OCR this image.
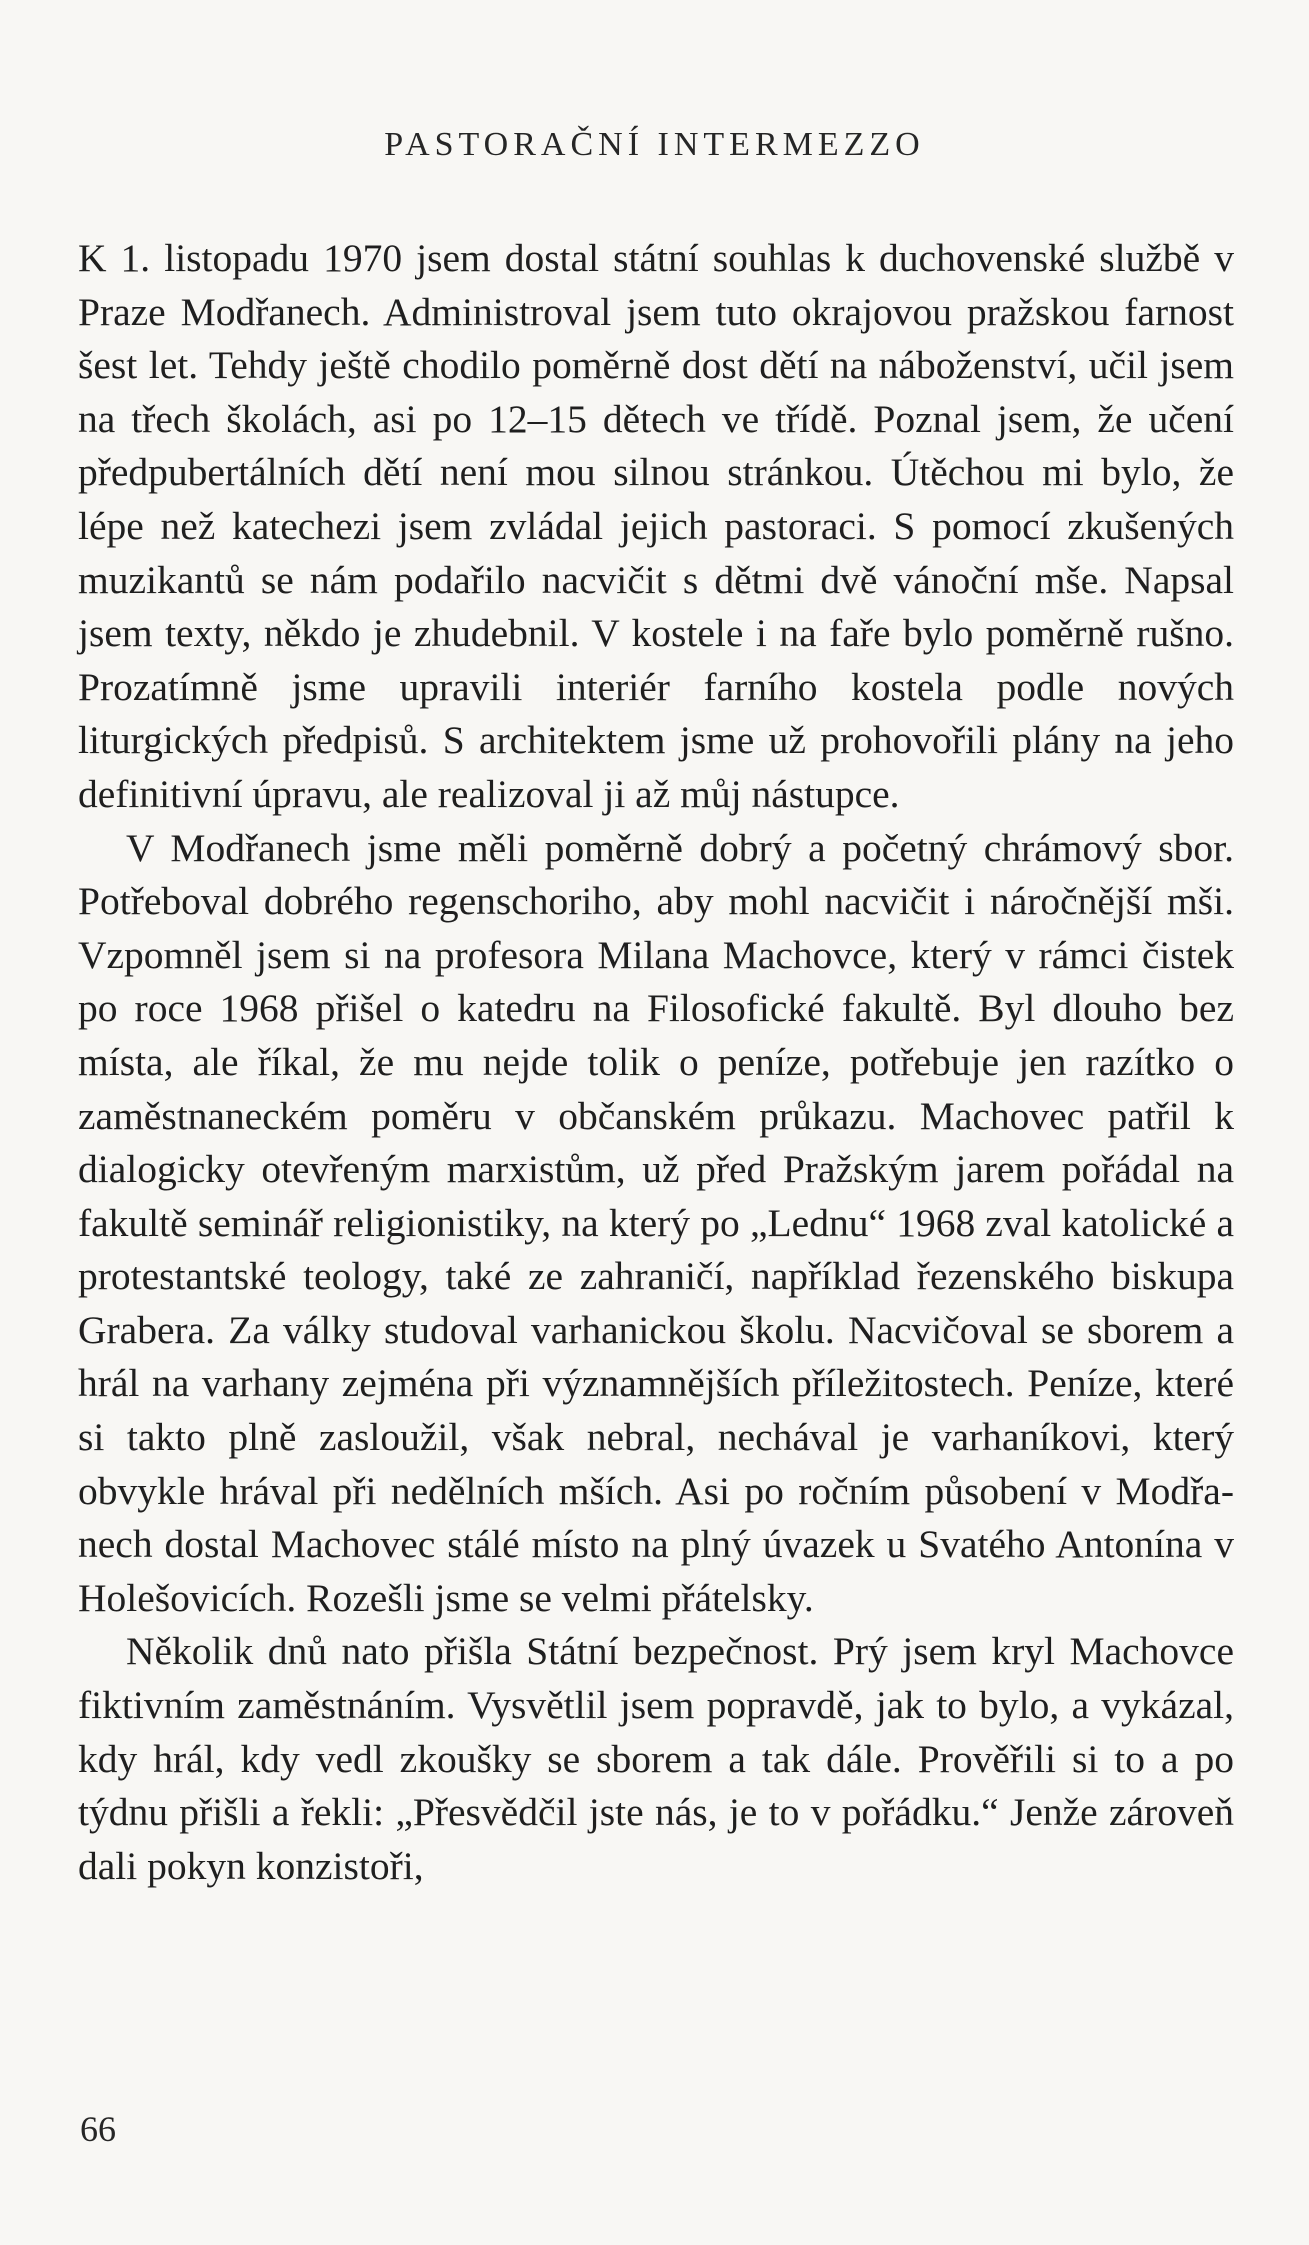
PASTORAČNÍ INTERMEZZO

K 1. listopadu 1970 jsem dostal státní souhlas k duchovenské službě v Praze Modřanech. Administroval jsem tuto okrajovou pražskou farnost šest let. Tehdy ještě chodilo poměrně dost dětí na náboženství, učil jsem na třech školách, asi po 12–15 dětech ve třídě. Poznal jsem, že učení předpubertálních dětí není mou silnou stránkou. Útěchou mi bylo, že lépe než katechezi jsem zvládal jejich pastoraci. S pomocí zkušených muzikantů se nám podařilo nacvičit s dětmi dvě vánoční mše. Napsal jsem texty, někdo je zhudebnil. V kostele i na faře bylo poměrně rušno. Prozatímně jsme upravili interiér farního kostela podle nových liturgických předpisů. S architektem jsme už prohovořili plány na jeho definitivní úpravu, ale realizoval ji až můj nástupce.

V Modřanech jsme měli poměrně dobrý a početný chrámový sbor. Potřeboval dobrého regenschoriho, aby mohl nacvičit i náročnější mši. Vzpomněl jsem si na profesora Milana Machovce, který v rámci čistek po roce 1968 přišel o katedru na Filosofické fakultě. Byl dlouho bez místa, ale říkal, že mu nejde tolik o peníze, potřebuje jen razítko o zaměstnaneckém poměru v občanském průkazu. Machovec patřil k dialogicky otevřeným marxistům, už před Pražským jarem pořádal na fakultě seminář religionistiky, na který po „Lednu“ 1968 zval katolické a protestantské teology, také ze zahraničí, například řezenského biskupa Grabera. Za války studoval varhanickou školu. Nacvičoval se sborem a hrál na varhany zejména při významnějších příležitostech. Peníze, které si takto plně zasloužil, však nebral, nechával je varhaníkovi, který obvykle hrával při nedělních mších. Asi po ročním působení v Modřanech dostal Machovec stálé místo na plný úvazek u Svatého Antonína v Holešovicích. Rozešli jsme se velmi přátelsky.

Několik dnů nato přišla Státní bezpečnost. Prý jsem kryl Machovce fiktivním zaměstnáním. Vysvětlil jsem popravdě, jak to bylo, a vykázal, kdy hrál, kdy vedl zkoušky se sborem a tak dále. Prověřili si to a po týdnu přišli a řekli: „Přesvědčil jste nás, je to v pořádku.“ Jenže zároveň dali pokyn konzistoři,

66
